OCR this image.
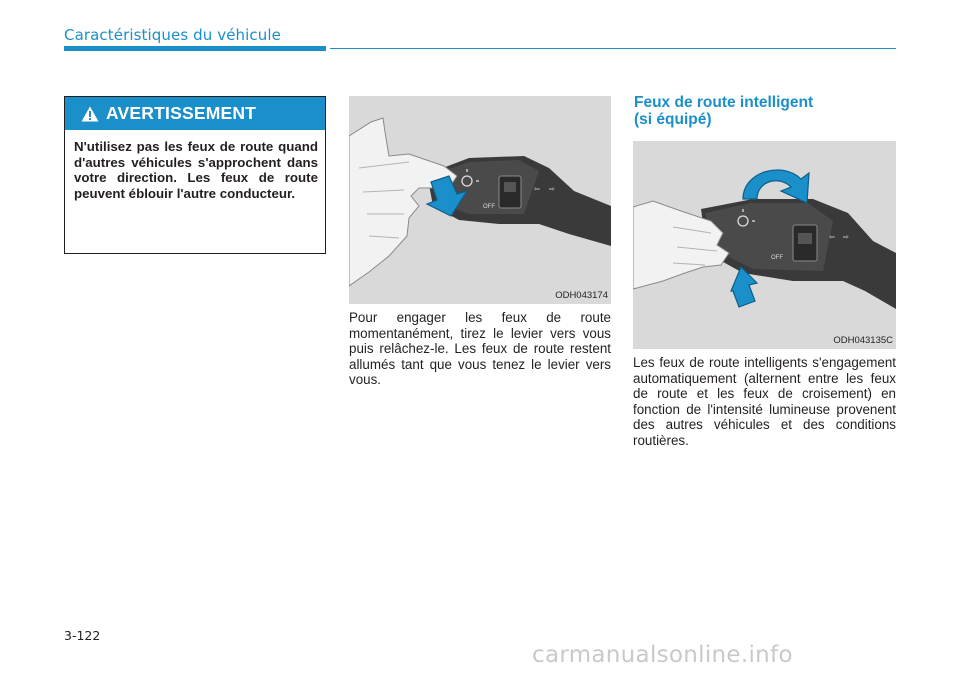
Caractéristiques du véhicule
AVERTISSEMENT
N'utilisez pas les feux de route quand d'autres véhicules s'approchent dans votre direction. Les feux de route peuvent éblouir l'autre conducteur.	⇦ ⇨
OFF
ODH043174
Pour engager les feux de route momentanément, tirez le levier vers vous puis relâchez-le. Les feux de route restent allumés tant que vous tenez le levier vers vous.
Feux de route intelligent
(si équipé)
⇦ ⇨
OFF
ODH043135C
Les feux de route intelligents s'engagement automatiquement (alternent entre les feux de route et les feux de croisement) en fonction de l'intensité lumineuse provenent des autres véhicules et des conditions routières.
3-122
carmanualsonline.info
